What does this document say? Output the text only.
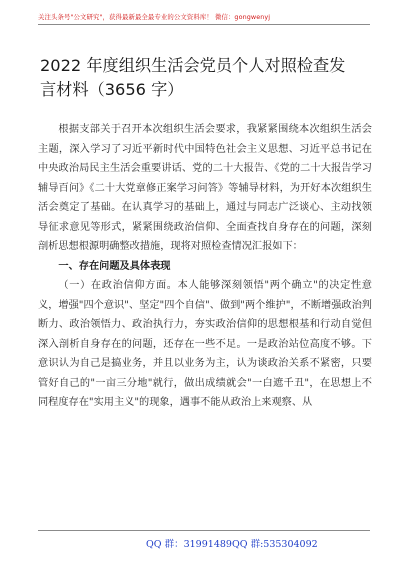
关注头条号"公文研究"，获得最新最全最专业的公文资料库！ 微信：gongwenyj
2022 年度组织生活会党员个人对照检查发
言材料（3656 字）

根据支部关于召开本次组织生活会要求，我紧紧围绕本次组织生活会主题，深入学习了习近平新时代中国特色社会主义思想、习近平总书记在中央政治局民主生活会重要讲话、党的二十大报告、《党的二十大报告学习辅导百问》《二十大党章修正案学习问答》等辅导材料，为开好本次组织生活会奠定了基础。在认真学习的基础上，通过与同志广泛谈心、主动找领导征求意见等形式，紧紧围绕政治信仰、全面查找自身存在的问题，深刻剖析思想根源明确整改措施，现将对照检查情况汇报如下：

一、存在问题及具体表现

（一）在政治信仰方面。本人能够深刻领悟"两个确立"的决定性意义，增强"四个意识"、坚定"四个自信"、做到"两个维护"，不断增强政治判断力、政治领悟力、政治执行力，夯实政治信仰的思想根基和行动自觉但深入剖析自身存在的问题，还存在一些不足。一是政治站位高度不够。下意识认为自己是搞业务，并且以业务为主，认为谈政治关系不紧密，只要管好自己的"一亩三分地"就行，做出成绩就会"一白遮千丑"，在思想上不同程度存在"实用主义"的现象，遇事不能从政治上来观察、从

QQ 群：31991489 QQ 群:535304092
